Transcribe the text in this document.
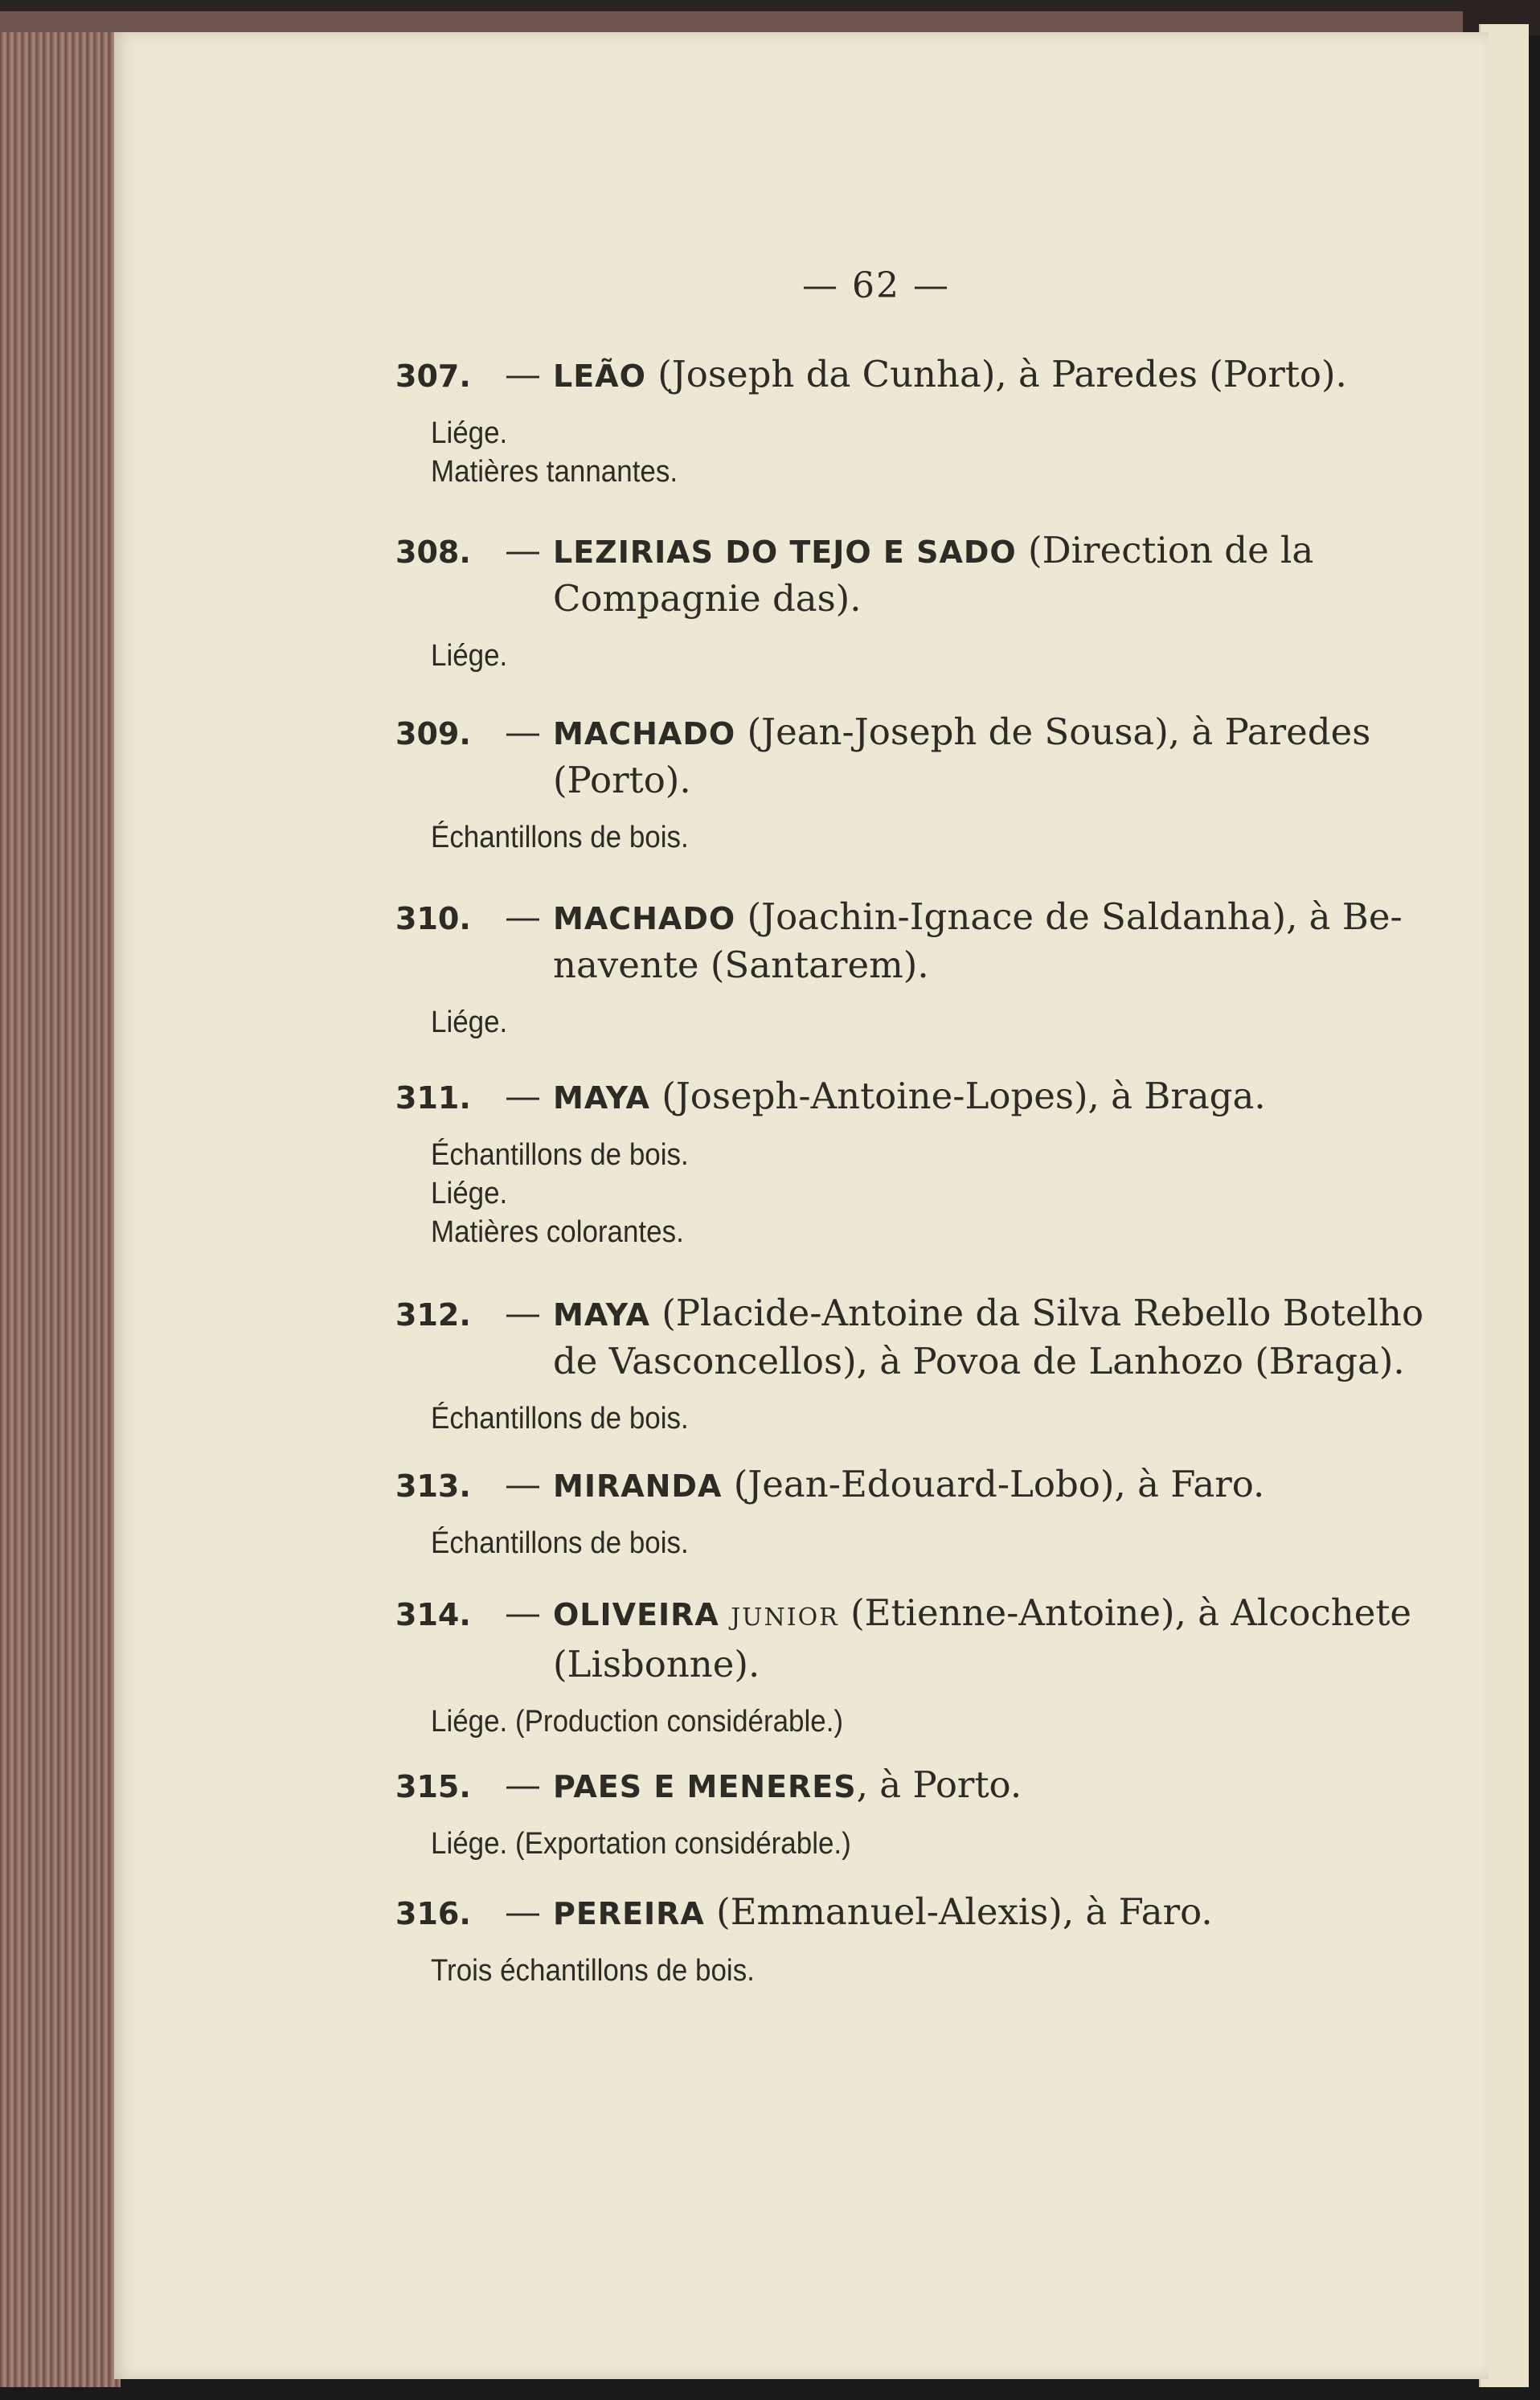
— 62 —
307. — LEÃO (Joseph da Cunha), à Paredes (Porto).
Liége.
Matières tannantes.
308. — LEZIRIAS DO TEJO E SADO (Direction de la
Compagnie das).
Liége.
309. — MACHADO (Jean-Joseph de Sousa), à Paredes
(Porto).
Échantillons de bois.
310. — MACHADO (Joachin-Ignace de Saldanha), à Be-
navente (Santarem).
Liége.
311. — MAYA (Joseph-Antoine-Lopes), à Braga.
Échantillons de bois.
Liége.
Matières colorantes.
312. — MAYA (Placide-Antoine da Silva Rebello Botelho
de Vasconcellos), à Povoa de Lanhozo (Braga).
Échantillons de bois.
313. — MIRANDA (Jean-Edouard-Lobo), à Faro.
Échantillons de bois.
314. — OLIVEIRA JUNIOR (Etienne-Antoine), à Alcochete
(Lisbonne).
Liége. (Production considérable.)
315. — PAES E MENERES, à Porto.
Liége. (Exportation considérable.)
316. — PEREIRA (Emmanuel-Alexis), à Faro.
Trois échantillons de bois.
